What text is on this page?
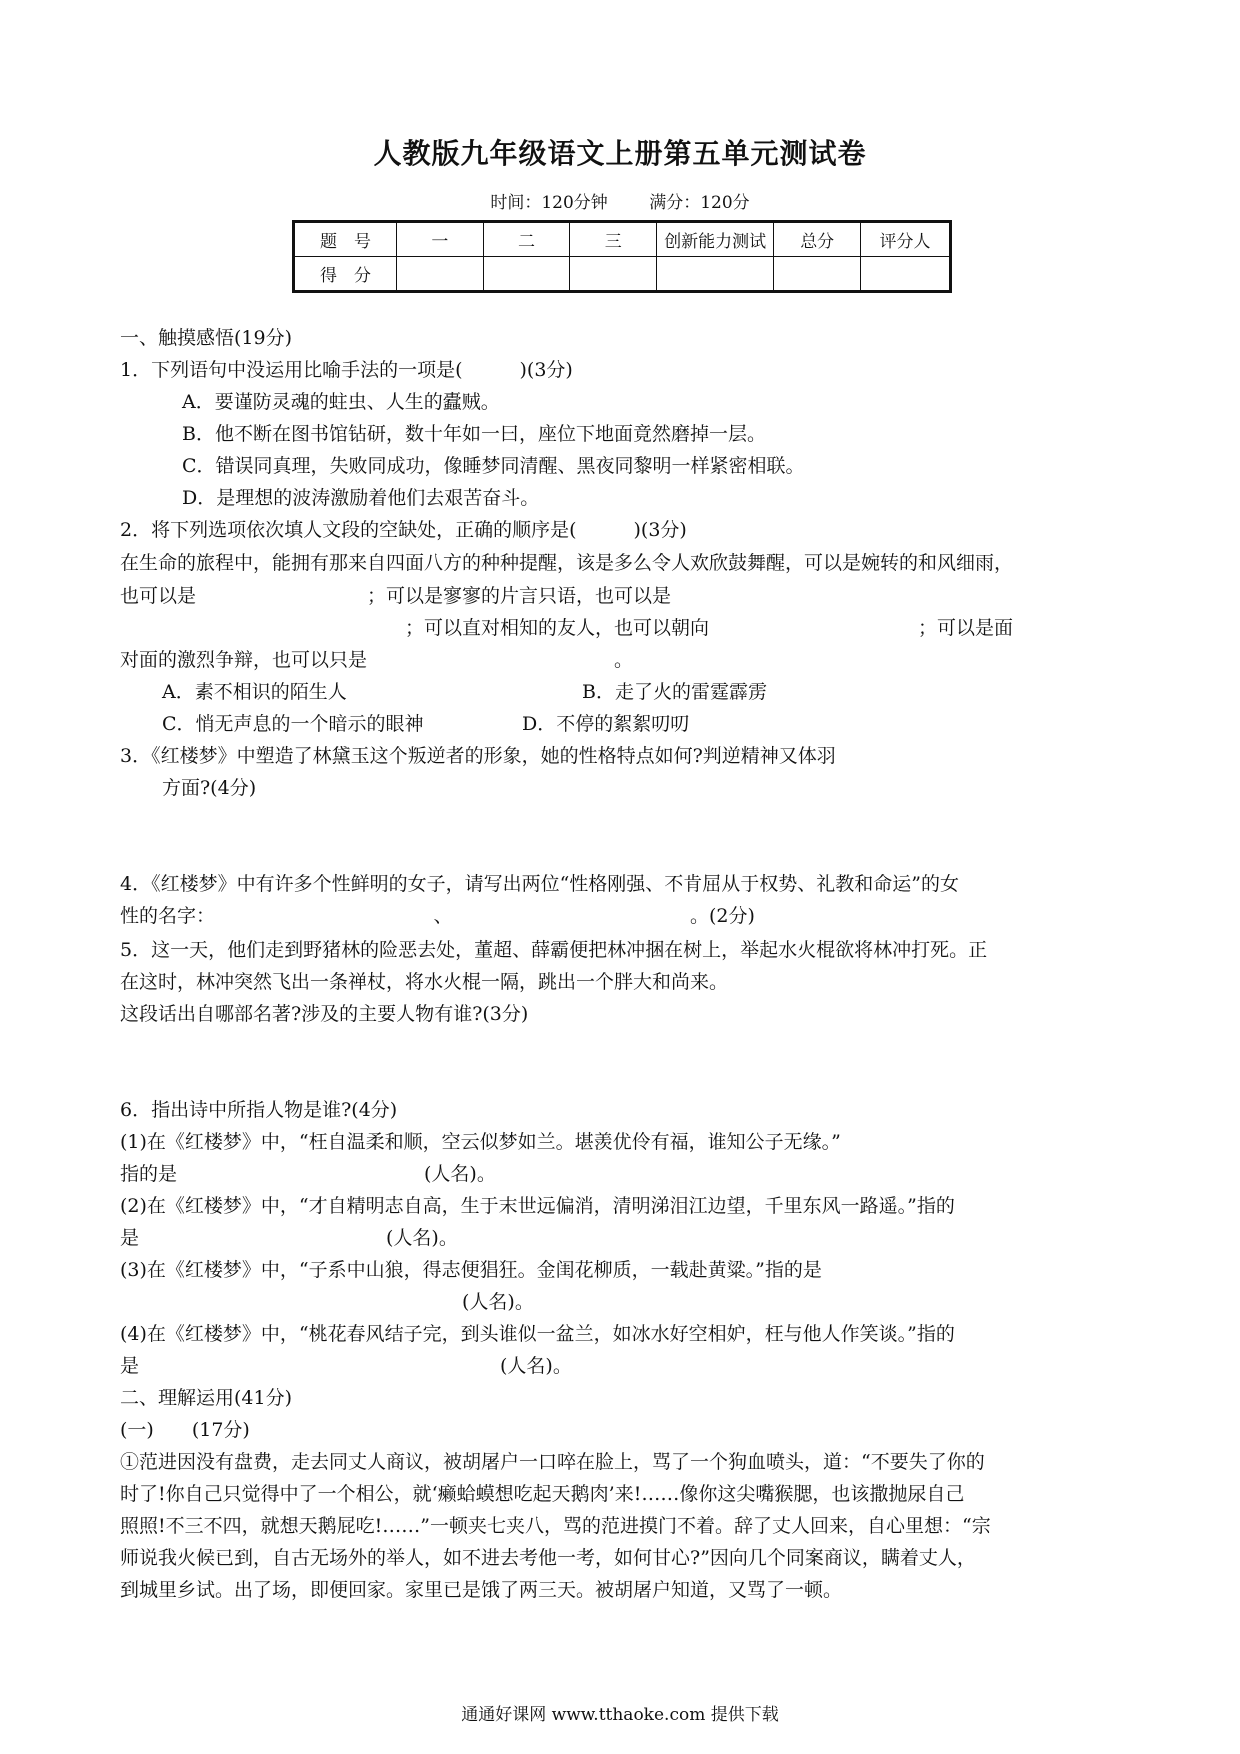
人教版九年级语文上册第五单元测试卷
时间：120分钟 满分：120分
题　号	一	二	三	创新能力测试	总分	评分人
得　分						
一、触摸感悟(19分)
1．下列语句中没运用比喻手法的一项是(　　　)(3分)
A．要谨防灵魂的蛀虫、人生的蠹贼。
B．他不断在图书馆钻研，数十年如一曰，座位下地面竟然磨掉一层。
C．错误同真理，失败同成功，像睡梦同清醒、黑夜同黎明一样紧密相联。
D．是理想的波涛激励着他们去艰苦奋斗。
2．将下列选项依次填人文段的空缺处，正确的顺序是(　　　)(3分)
在生命的旅程中，能拥有那来自四面八方的种种提醒，该是多么令人欢欣鼓舞醒，可以是婉转的和风细雨，
也可以是　　　　　　　　　；可以是寥寥的片言只语，也可以是
　　　　　　　　　　　　　　　；可以直对相知的友人，也可以朝向　　　　　　　　　　　；可以是面
对面的激烈争辩，也可以只是　　　　　　　　　　　　　。
A．素不相识的陌生人	B．走了火的雷霆霹雳
C．悄无声息的一个暗示的眼神	D．不停的絮絮叨叨
3．《红楼梦》中塑造了林黛玉这个叛逆者的形象，她的性格特点如何?判逆精神又体羽
方面?(4分)
4．《红楼梦》中有许多个性鲜明的女子，请写出两位“性格刚强、不肯屈从于权势、礼教和命运”的女
性的名字：　　　　　　　　　　　　、　　　　　　　　　　　　　。(2分)
5．这一天，他们走到野猪林的险恶去处，董超、薛霸便把林冲捆在树上，举起水火棍欲将林冲打死。正
在这时，林冲突然飞出一条禅杖，将水火棍一隔，跳出一个胖大和尚来。
这段话出自哪部名著?涉及的主要人物有谁?(3分)
6．指出诗中所指人物是谁?(4分)
(1)在《红楼梦》中，“枉自温柔和顺，空云似梦如兰。堪羡优伶有福，谁知公子无缘。”
指的是　　　　　　　　　　　　　(人名)。
(2)在《红楼梦》中，“才自精明志自高，生于末世远偏消，清明涕泪江边望，千里东风一路遥。”指的
是　　　　　　　　　　　　　(人名)。
(3)在《红楼梦》中，“子系中山狼，得志便猖狂。金闺花柳质，一载赴黄粱。”指的是
　　　　　　　　　　　　　　　　　　(人名)。
(4)在《红楼梦》中，“桃花春风结子完，到头谁似一盆兰，如冰水好空相妒，枉与他人作笑谈。”指的
是　　　　　　　　　　　　　　　　　　　(人名)。
二、理解运用(41分)
(一)　　(17分)
①范进因没有盘费，走去同丈人商议，被胡屠户一口啐在脸上，骂了一个狗血喷头，道：“不要失了你的
时了!你自己只觉得中了一个相公，就‘癞蛤蟆想吃起天鹅肉’来!……像你这尖嘴猴腮，也该撒抛尿自己
照照!不三不四，就想天鹅屁吃!……”一顿夹七夹八，骂的范进摸门不着。辞了丈人回来，自心里想：“宗
师说我火候已到，自古无场外的举人，如不进去考他一考，如何甘心?”因向几个同案商议，瞒着丈人，
到城里乡试。出了场，即便回家。家里已是饿了两三天。被胡屠户知道，又骂了一顿。
通通好课网 www.tthaoke.com 提供下载
